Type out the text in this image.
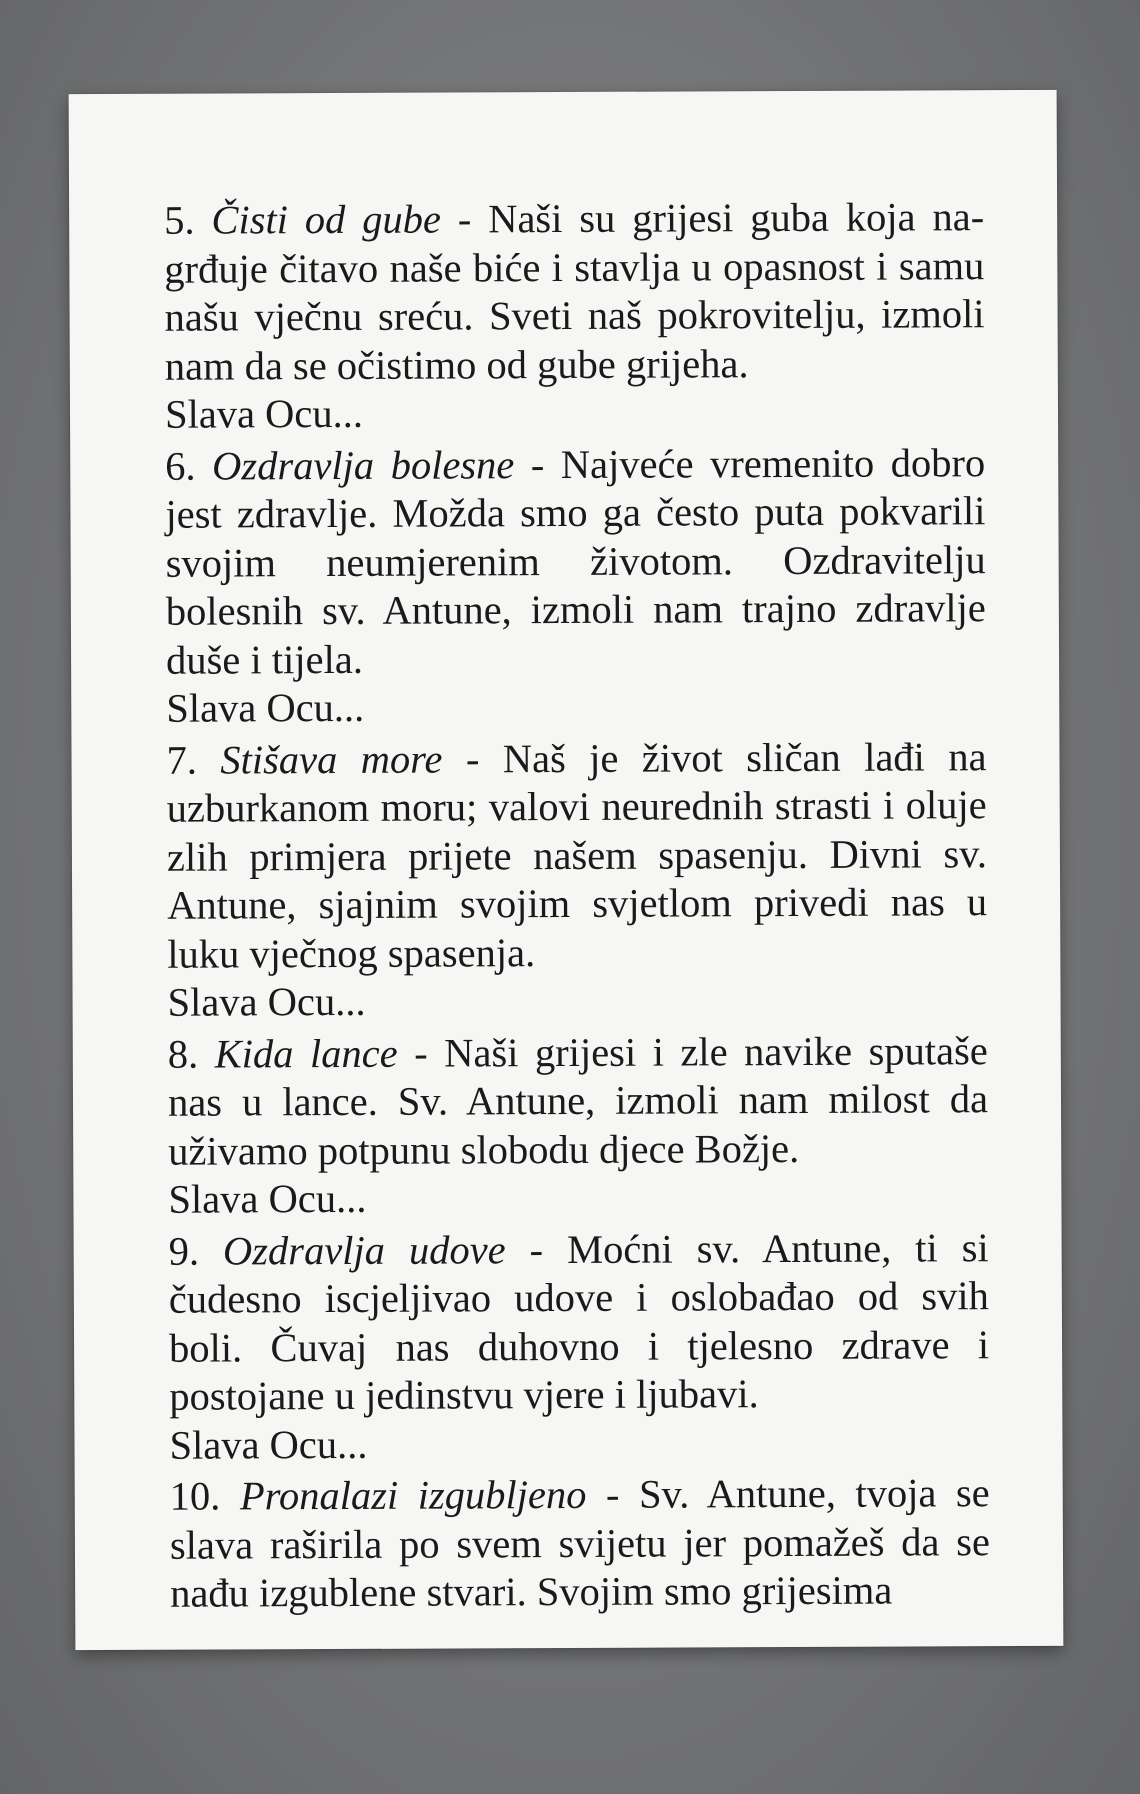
5. Čisti od gube - Naši su grijesi guba koja na-grđuje čitavo naše biće i stavlja u opasnost i samu našu vječnu sreću. Sveti naš pokrovitelju, izmoli nam da se očistimo od gube grijeha.

Slava Ocu...

6. Ozdravlja bolesne - Najveće vremenito dobro jest zdravlje. Možda smo ga često puta pokvarili svojim neumjerenim životom. Ozdravitelju bolesnih sv. Antune, izmoli nam trajno zdravlje duše i tijela.

Slava Ocu...

7. Stišava more - Naš je život sličan lađi na uzburkanom moru; valovi neurednih strasti i oluje zlih primjera prijete našem spasenju. Divni sv. Antune, sjajnim svojim svjetlom privedi nas u luku vječnog spasenja.

Slava Ocu...

8. Kida lance - Naši grijesi i zle navike sputaše nas u lance. Sv. Antune, izmoli nam milost da uživamo potpunu slobodu djece Božje.

Slava Ocu...

9. Ozdravlja udove - Moćni sv. Antune, ti si čudesno iscjeljivao udove i oslobađao od svih boli. Čuvaj nas duhovno i tjelesno zdrave i postojane u jedinstvu vjere i ljubavi.

Slava Ocu...

10. Pronalazi izgubljeno - Sv. Antune, tvoja se slava raširila po svem svijetu jer pomažeš da se nađu izgublene stvari. Svojim smo grijesima
